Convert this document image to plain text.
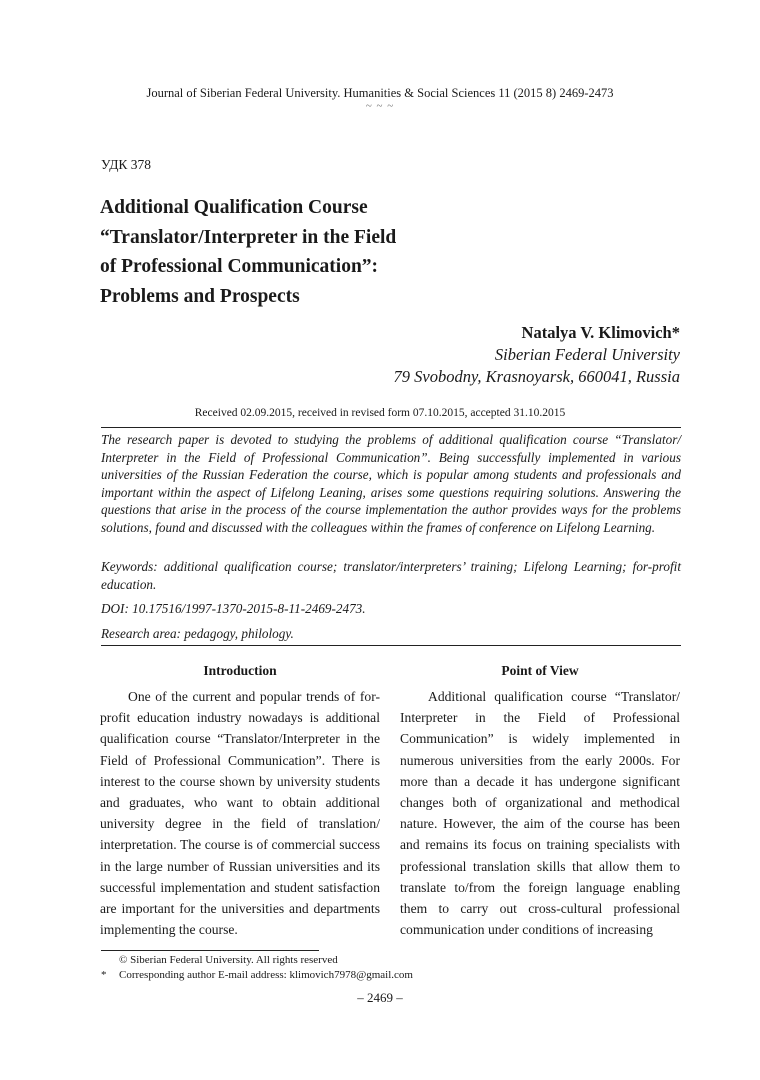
Journal of Siberian Federal University. Humanities & Social Sciences 11 (2015 8) 2469-2473
~ ~ ~
УДК 378
Additional Qualification Course
“Translator/Interpreter in the Field
of Professional Communication”:
Problems and Prospects
Natalya V. Klimovich*
Siberian Federal University
79 Svobodny, Krasnoyarsk, 660041, Russia
Received 02.09.2015, received in revised form 07.10.2015, accepted 31.10.2015
The research paper is devoted to studying the problems of additional qualification course “Translator/ Interpreter in the Field of Professional Communication”. Being successfully implemented in various universities of the Russian Federation the course, which is popular among students and professionals and important within the aspect of Lifelong Leaning, arises some questions requiring solutions. Answering the questions that arise in the process of the course implementation the author provides ways for the problems solutions, found and discussed with the colleagues within the frames of conference on Lifelong Learning.
Keywords: additional qualification course; translator/interpreters’ training; Lifelong Learning; for-profit education.
DOI: 10.17516/1997-1370-2015-8-11-2469-2473.
Research area: pedagogy, philology.
Introduction

One of the current and popular trends of for-profit education industry nowadays is additional qualification course “Translator/Interpreter in the Field of Professional Communication”. There is interest to the course shown by university students and graduates, who want to obtain additional university degree in the field of translation/ interpretation. The course is of commercial success in the large number of Russian universities and its successful implementation and student satisfaction are important for the universities and departments implementing the course.

Point of View

Additional qualification course “Translator/ Interpreter in the Field of Professional Communication” is widely implemented in numerous universities from the early 2000s. For more than a decade it has undergone significant changes both of organizational and methodical nature. However, the aim of the course has been and remains its focus on training specialists with professional translation skills that allow them to translate to/from the foreign language enabling them to carry out cross-cultural professional communication under conditions of increasing

© Siberian Federal University. All rights reserved
*	Corresponding author E-mail address: klimovich7978@gmail.com
– 2469 –
